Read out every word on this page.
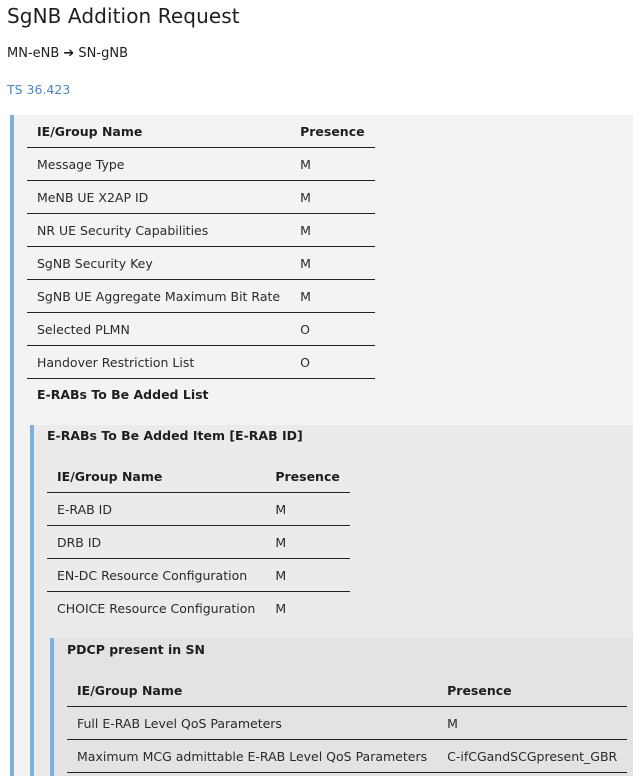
SgNB Addition Request
MN-eNB ➔ SN-gNB
TS 36.423
IE/Group Name	Presence
Message Type	M
MeNB UE X2AP ID	M
NR UE Security Capabilities	M
SgNB Security Key	M
SgNB UE Aggregate Maximum Bit Rate	M
Selected PLMN	O
Handover Restriction List	O
E-RABs To Be Added List
E-RABs To Be Added Item [E-RAB ID]
IE/Group Name	Presence
E-RAB ID	M
DRB ID	M
EN-DC Resource Configuration	M
CHOICE Resource Configuration	M
PDCP present in SN
IE/Group Name	Presence
Full E-RAB Level QoS Parameters	M
Maximum MCG admittable E-RAB Level QoS Parameters	C-ifCGandSCGpresent_GBR
